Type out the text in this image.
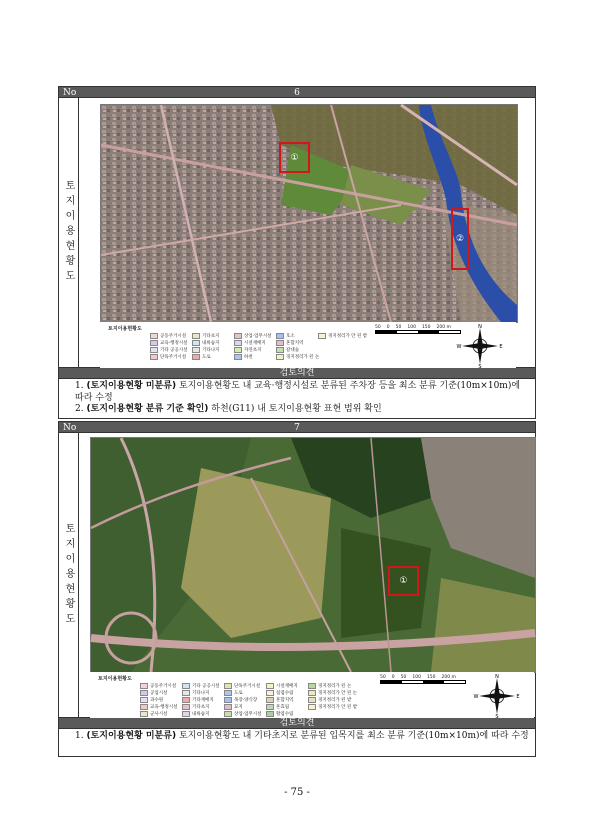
No	6
토지이용현황도
①
②
토지이용현황도
공동주거시설
교육·행정시설
기타 공공시설
단독주거시설
기타초지
내륙습지
기타나지
도로
상업·업무시설
시설재배지
자연초지
하천
호소
혼합지역
갈대숲
경지정리가 된 논
경지정리가 안 된 밭
50 0 50 100 150 200 m	N
S
E
W
검토의견
1. (토지이용현황 미분류) 토지이용현황도 내 교육·행정시설로 분류된 주차장 등을 최소 분류 기준(10m×10m)에 따라 수정
2. (토지이용현황 분류 기준 확인) 하천(G11) 내 토지이용현황 표현 범위 확인
No	7
토지이용현황도	①
토지이용현황도
공동주거시설
공업시설
과수원
교육·행정시설
군사시설
기타 공공시설
기타나지
기타재배지
기타초지
내륙습지
단독주거시설
도로
목장·양식장
묘지
상업·업무시설
시설재배지
침엽수림
혼합지역
혼효림
활엽수림
경지정리가 된 논
경지정리가 안 된 논
경지정리가 된 밭
경지정리가 안 된 밭
50 0 50 100 150 200 m	N
S
E
W
검토의견
1. (토지이용현황 미분류) 토지이용현황도 내 기타초지로 분류된 입목지를 최소 분류 기준(10m×10m)에 따라 수정
- 75 -
